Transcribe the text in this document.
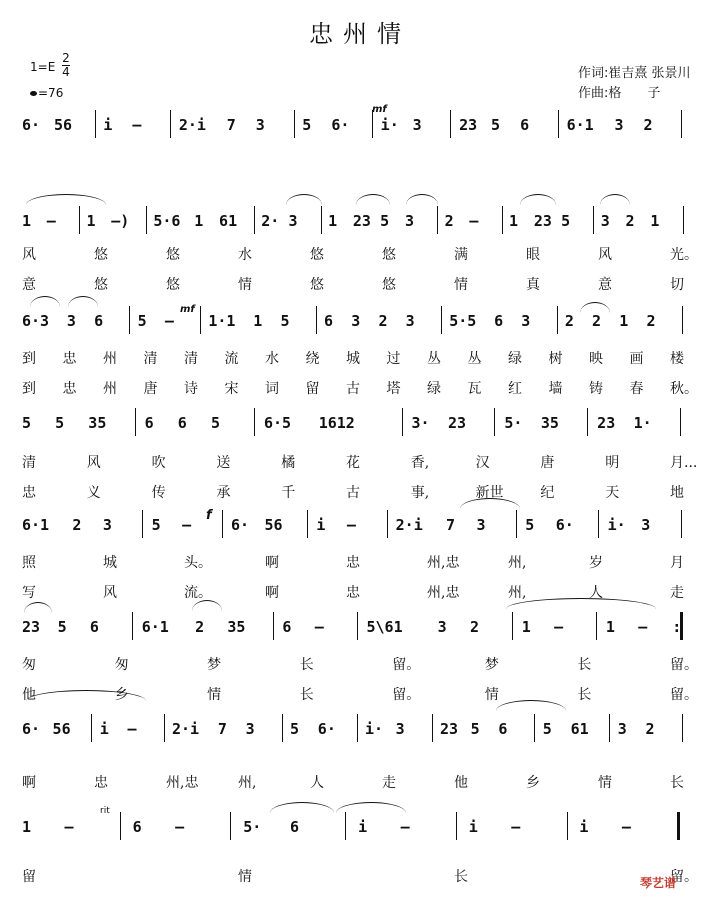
忠州情
1=E
2
4
=76
作词:崔吉熹 张景川
作曲:格　　子
mf
mf
f
rit
6· 56 i – 2·i 7 3 5 6· i· 3 23 5 6 6·1 3 2
1 – 1 –) 5·6 1 61 2· 3 1 23 5 3 2 – 1 23 5 3 2 1
风	悠	悠	水	悠	悠	满	眼	风	光。
意	悠	悠	情	悠	悠	情	真	意	切
6·3 3 6 5 – 1·1 1 5 6 3 2 3 5·5 6 3 2 2 1 2
到 忠 州 清 清 流 水 绕 城 过 丛 丛 绿 树 映 画 楼
到 忠 州 唐 诗 宋 词 留 古 塔 绿 瓦 红 墙 铸 春 秋。
5 5 35	6 6 5	6·5 1612	3· 23	5· 35	23 1·
清	风	吹	送	橘	花	香,	汉	唐	明	月...
忠	义	传	承	千	古	事,	新世	纪	天	地
6·1 2 3	5 –	6· 56 i –	2·i 7 3	5 6· i· 3
照	城	头。	啊	忠	州,忠	州,	岁	月
写	风	流。	啊	忠	州,忠	州,	人	走
23 5 6	6·1 2 35 6 –	5\61 3 2	1 –	1 – :
匆	匆	梦	长	留。	梦	长	留。
他	乡	情	长	留。	情	长	留。
6· 56 i – 2·i 7 3 5 6· i· 3 23 5 6 5 61 3 2
啊	忠	州,忠	州,	人	走	他	乡	情	长
1 –	6 –	5· 6	i –	i –	i –
留	情	长	留。
琴艺谱
